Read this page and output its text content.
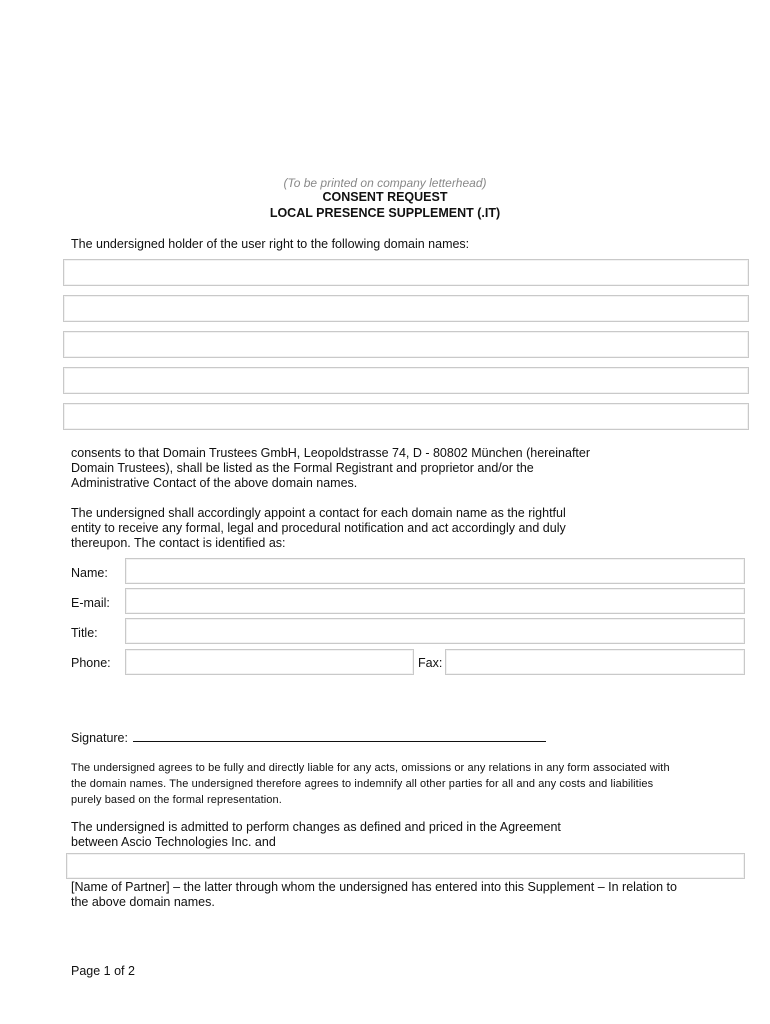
(To be printed on company letterhead)
CONSENT REQUEST
LOCAL PRESENCE SUPPLEMENT (.IT)
The undersigned holder of the user right to the following domain names:
consents to that Domain Trustees GmbH, Leopoldstrasse 74, D - 80802 München (hereinafter
Domain Trustees), shall be listed as the Formal Registrant and proprietor and/or the
Administrative Contact of the above domain names.
The undersigned shall accordingly appoint a contact for each domain name as the rightful
entity to receive any formal, legal and procedural notification and act accordingly and duly
thereupon. The contact is identified as:
Name:
E-mail:
Title:
Phone:	Fax:
Signature:
The undersigned agrees to be fully and directly liable for any acts, omissions or any relations in any form associated with
the domain names. The undersigned therefore agrees to indemnify all other parties for all and any costs and liabilities
purely based on the formal representation.
The undersigned is admitted to perform changes as defined and priced in the Agreement
between Ascio Technologies Inc. and
[Name of Partner] – the latter through whom the undersigned has entered into this Supplement – In relation to
the above domain names.
Page 1 of 2
